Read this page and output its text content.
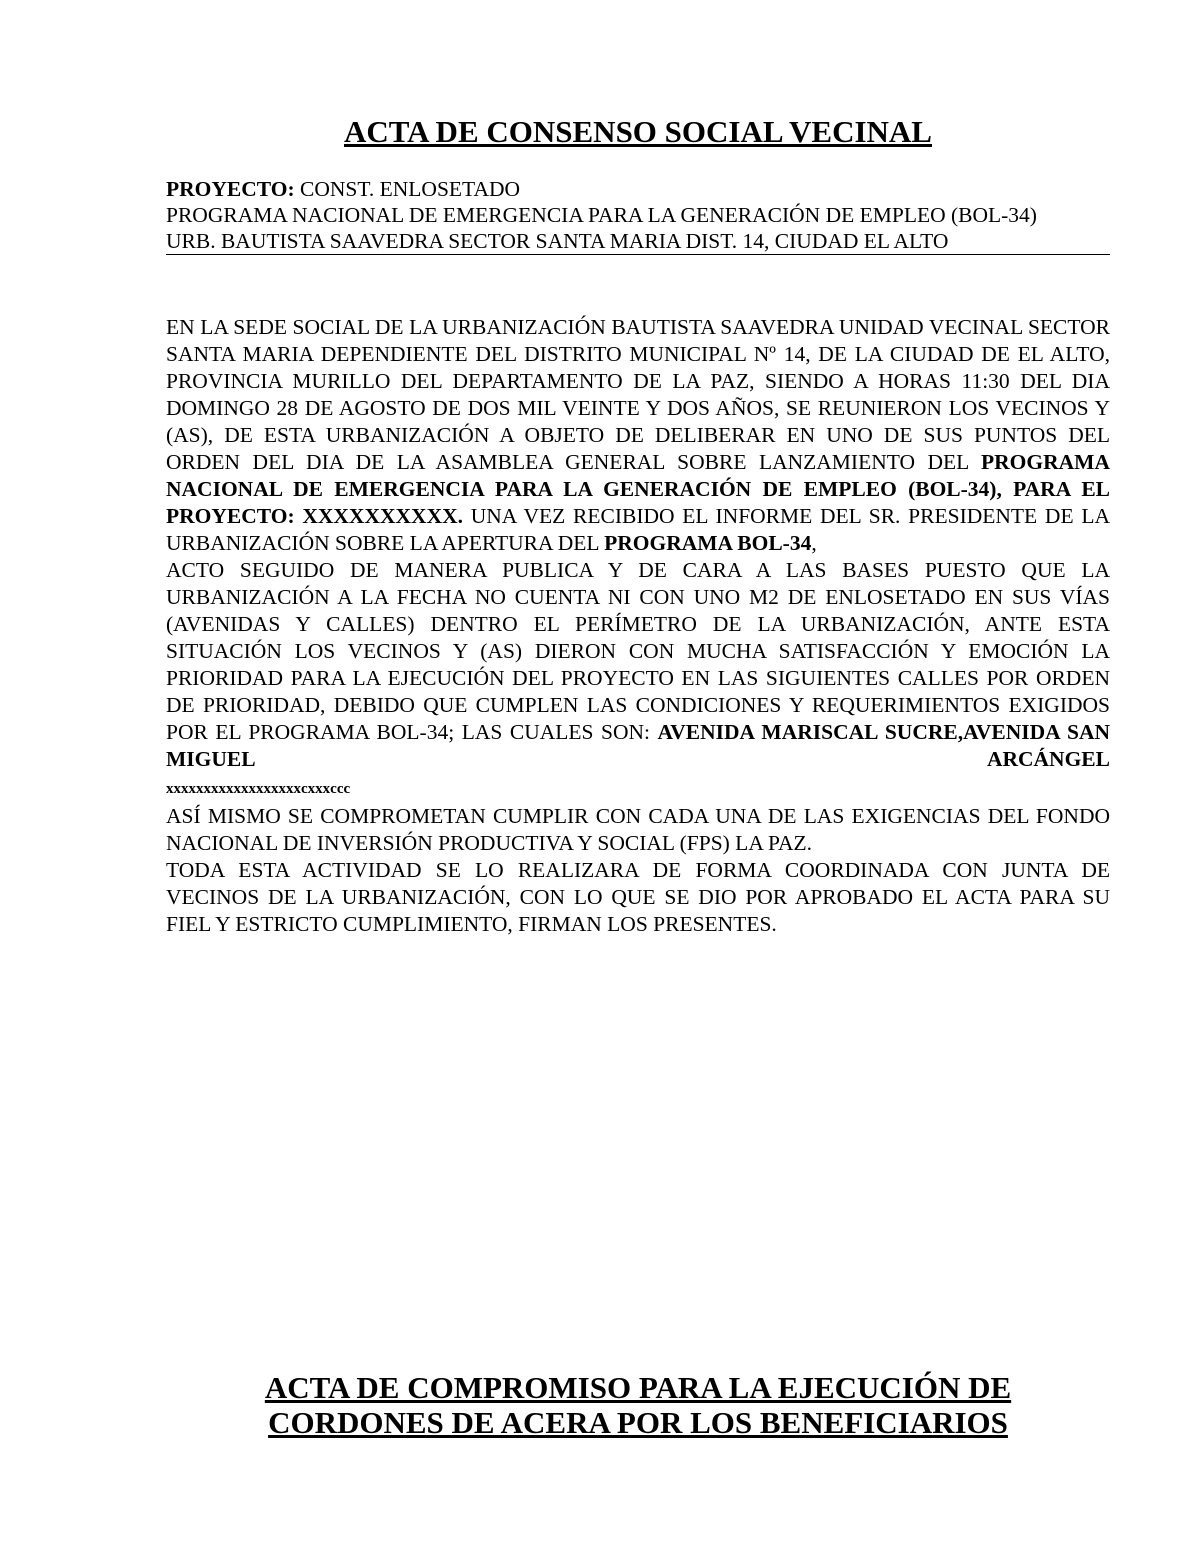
ACTA DE CONSENSO SOCIAL VECINAL
PROYECTO: CONST. ENLOSETADO
PROGRAMA NACIONAL DE EMERGENCIA PARA LA GENERACIÓN DE EMPLEO (BOL-34)
URB. BAUTISTA SAAVEDRA SECTOR SANTA MARIA DIST. 14, CIUDAD EL ALTO

EN LA SEDE SOCIAL DE LA URBANIZACIÓN BAUTISTA SAAVEDRA UNIDAD VECINAL SECTOR SANTA MARIA DEPENDIENTE DEL DISTRITO MUNICIPAL Nº 14, DE LA CIUDAD DE EL ALTO, PROVINCIA MURILLO DEL DEPARTAMENTO DE LA PAZ, SIENDO A HORAS 11:30 DEL DIA DOMINGO 28 DE AGOSTO DE DOS MIL VEINTE Y DOS AÑOS, SE REUNIERON LOS VECINOS Y (AS), DE ESTA URBANIZACIÓN A OBJETO DE DELIBERAR EN UNO DE SUS PUNTOS DEL ORDEN DEL DIA DE LA ASAMBLEA GENERAL SOBRE LANZAMIENTO DEL PROGRAMA NACIONAL DE EMERGENCIA PARA LA GENERACIÓN DE EMPLEO (BOL-34), PARA EL PROYECTO: XXXXXXXXXX. UNA VEZ RECIBIDO EL INFORME DEL SR. PRESIDENTE DE LA URBANIZACIÓN SOBRE LA APERTURA DEL PROGRAMA BOL-34,

ACTO SEGUIDO DE MANERA PUBLICA Y DE CARA A LAS BASES PUESTO QUE LA URBANIZACIÓN A LA FECHA NO CUENTA NI CON UNO M2 DE ENLOSETADO EN SUS VÍAS (AVENIDAS Y CALLES) DENTRO EL PERÍMETRO DE LA URBANIZACIÓN, ANTE ESTA SITUACIÓN LOS VECINOS Y (AS) DIERON CON MUCHA SATISFACCIÓN Y EMOCIÓN LA PRIORIDAD PARA LA EJECUCIÓN DEL PROYECTO EN LAS SIGUIENTES CALLES POR ORDEN DE PRIORIDAD, DEBIDO QUE CUMPLEN LAS CONDICIONES Y REQUERIMIENTOS EXIGIDOS POR EL PROGRAMA BOL-34; LAS CUALES SON: AVENIDA MARISCAL SUCRE,AVENIDA SAN MIGUEL ARCÁNGEL

xxxxxxxxxxxxxxxxxxcxxxccc

ASÍ MISMO SE COMPROMETAN CUMPLIR CON CADA UNA DE LAS EXIGENCIAS DEL FONDO NACIONAL DE INVERSIÓN PRODUCTIVA Y SOCIAL (FPS) LA PAZ.

TODA ESTA ACTIVIDAD SE LO REALIZARA DE FORMA COORDINADA CON JUNTA DE VECINOS DE LA URBANIZACIÓN, CON LO QUE SE DIO POR APROBADO EL ACTA PARA SU FIEL Y ESTRICTO CUMPLIMIENTO, FIRMAN LOS PRESENTES.

ACTA DE COMPROMISO PARA LA EJECUCIÓN DE
CORDONES DE ACERA POR LOS BENEFICIARIOS
